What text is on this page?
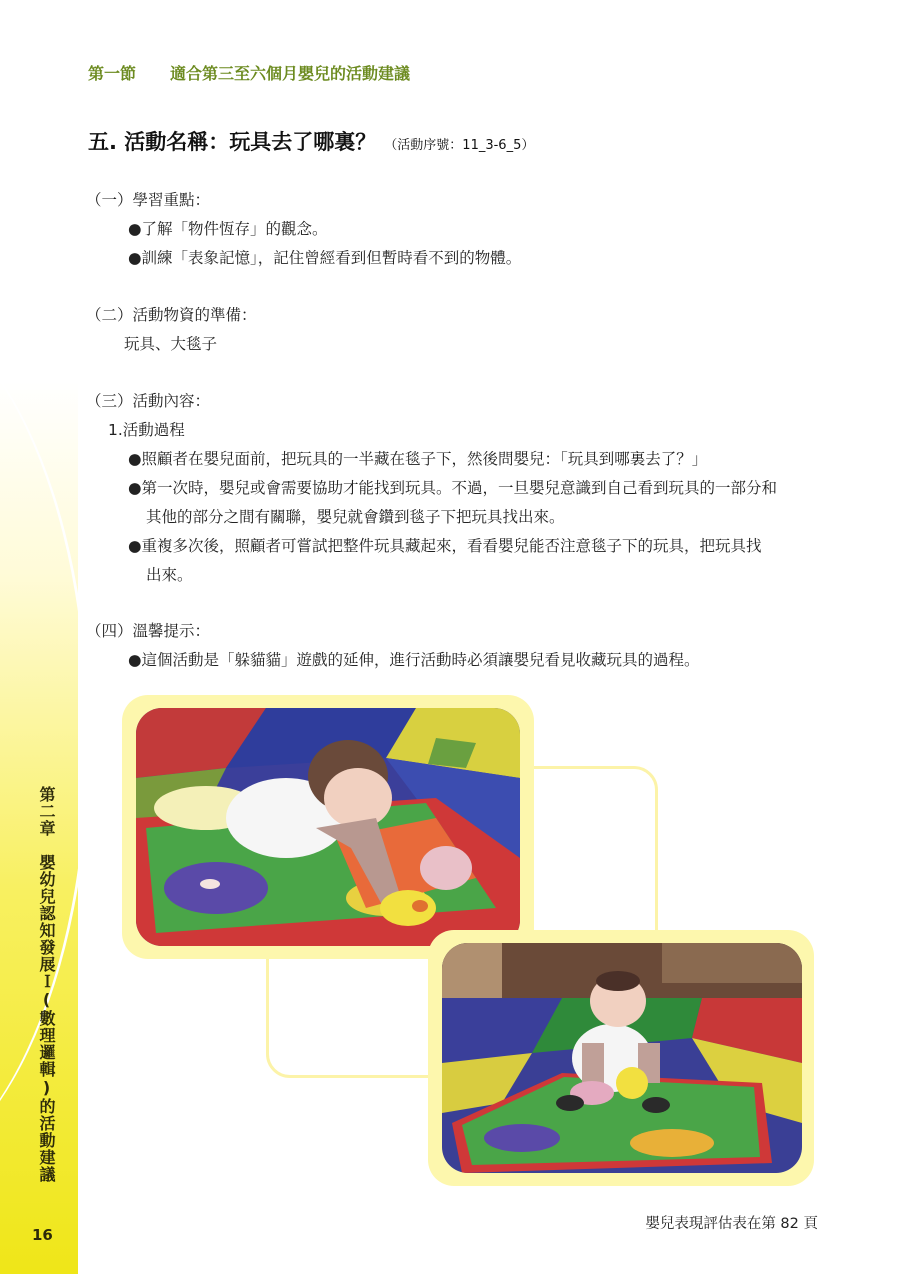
第二章　嬰幼兒認知發展Ｉ(數理邏輯)的活動建議
16
第一節 適合第三至六個月嬰兒的活動建議
五. 活動名稱：玩具去了哪裏？ （活動序號：11_3-6_5）
（一）學習重點：
●了解「物件恆存」的觀念。
●訓練「表象記憶」，記住曾經看到但暫時看不到的物體。
（二）活動物資的準備：
玩具、大毯子
（三）活動內容：
1.活動過程
●照顧者在嬰兒面前，把玩具的一半藏在毯子下，然後問嬰兒：「玩具到哪裏去了？」
●第一次時，嬰兒或會需要協助才能找到玩具。不過，一旦嬰兒意識到自己看到玩具的一部分和
其他的部分之間有關聯，嬰兒就會鑽到毯子下把玩具找出來。
●重複多次後，照顧者可嘗試把整件玩具藏起來，看看嬰兒能否注意毯子下的玩具，把玩具找
出來。
（四）溫馨提示：
●這個活動是「躲貓貓」遊戲的延伸，進行活動時必須讓嬰兒看見收藏玩具的過程。
嬰兒表現評估表在第 82 頁
